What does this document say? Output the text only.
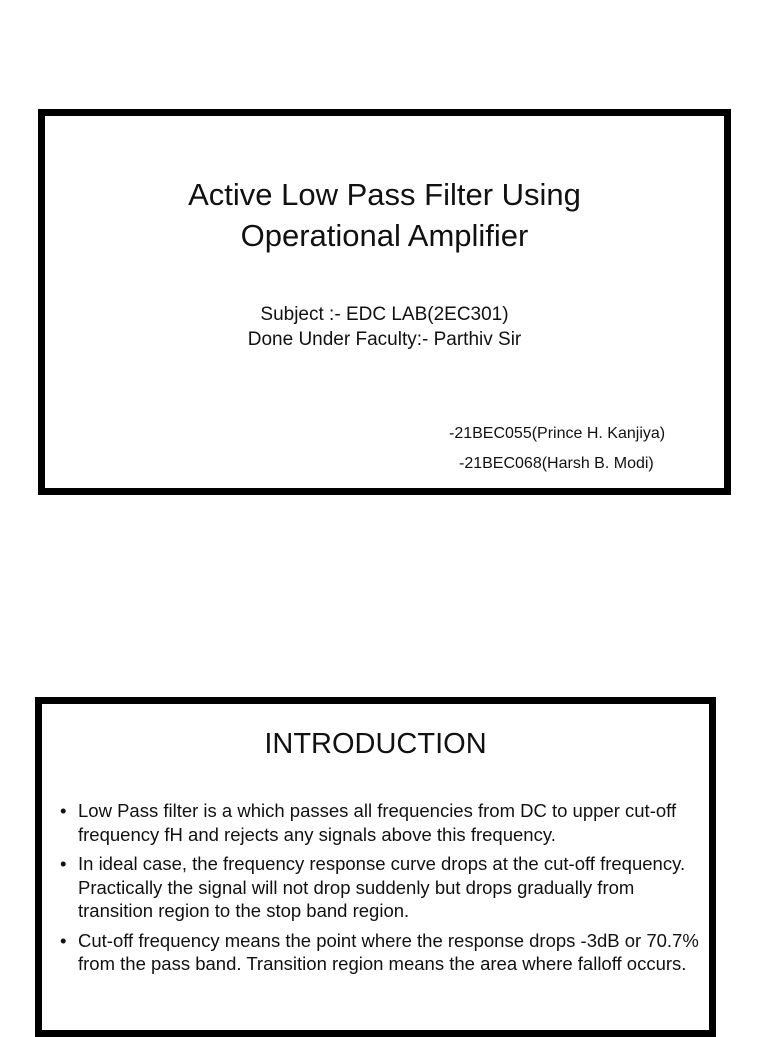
Active Low Pass Filter Using
Operational Amplifier
Subject :- EDC LAB(2EC301)
Done Under Faculty:- Parthiv Sir
-21BEC055(Prince H. Kanjiya)
-21BEC068(Harsh B. Modi)
INTRODUCTION
• Low Pass filter is a which passes all frequencies from DC to upper cut-off frequency fH and rejects any signals above this frequency.
• In ideal case, the frequency response curve drops at the cut-off frequency. Practically the signal will not drop suddenly but drops gradually from transition region to the stop band region.
• Cut-off frequency means the point where the response drops -3dB or 70.7% from the pass band. Transition region means the area where falloff occurs.
